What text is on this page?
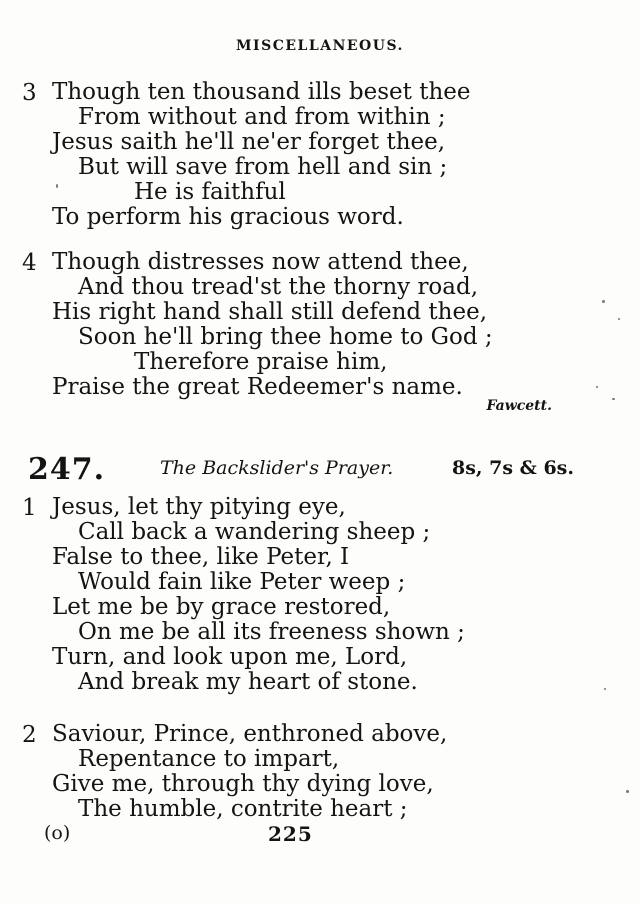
MISCELLANEOUS.
3 Though ten thousand ills beset thee
From without and from within ;
Jesus saith he'll ne'er forget thee,
But will save from hell and sin ;
He is faithful
To perform his gracious word.
4 Though distresses now attend thee,
And thou tread'st the thorny road,
His right hand shall still defend thee,
Soon he'll bring thee home to God ;
Therefore praise him,
Praise the great Redeemer's name.
Fawcett.
247.	The Backslider's Prayer.	8s, 7s & 6s.
1 Jesus, let thy pitying eye,
Call back a wandering sheep ;
False to thee, like Peter, I
Would fain like Peter weep ;
Let me be by grace restored,
On me be all its freeness shown ;
Turn, and look upon me, Lord,
And break my heart of stone.
2 Saviour, Prince, enthroned above,
Repentance to impart,
Give me, through thy dying love,
The humble, contrite heart ;
(o)	225
